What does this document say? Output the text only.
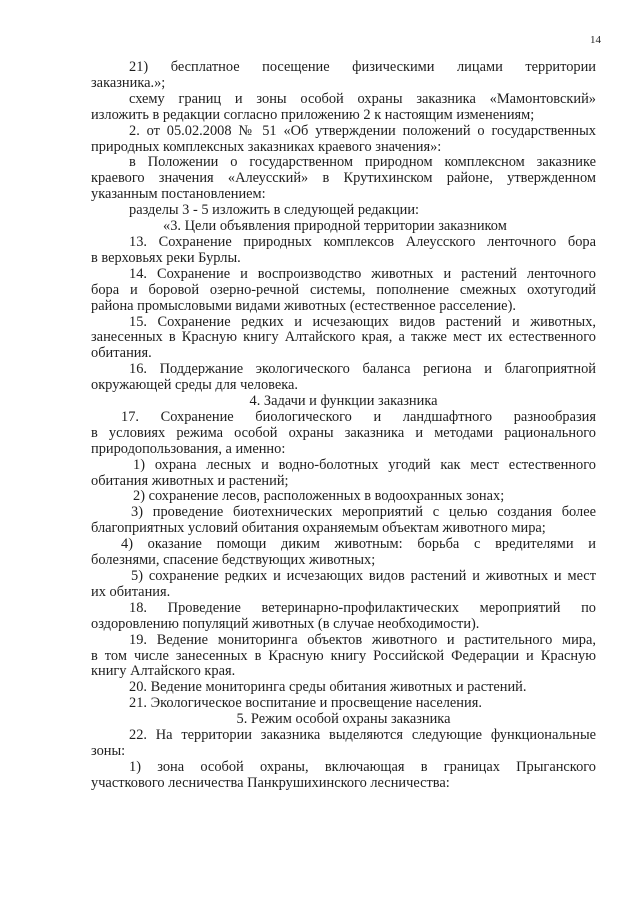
14
21) бесплатное посещение физическими лицами территории
заказника.»;
схему границ и зоны особой охраны заказника «Мамонтовский»
изложить в редакции согласно приложению 2 к настоящим изменениям;
2. от 05.02.2008 № 51 «Об утверждении положений о государственных
природных комплексных заказниках краевого значения»:
в Положении о государственном природном комплексном заказнике
краевого значения «Алеусский» в Крутихинском районе, утвержденном
указанным постановлением:
разделы 3 - 5 изложить в следующей редакции:
«3. Цели объявления природной территории заказником
13. Сохранение природных комплексов Алеусского ленточного бора
в верховьях реки Бурлы.
14. Сохранение и воспроизводство животных и растений ленточного
бора и боровой озерно-речной системы, пополнение смежных охотугодий
района промысловыми видами животных (естественное расселение).
15. Сохранение редких и исчезающих видов растений и животных,
занесенных в Красную книгу Алтайского края, а также мест их естественного
обитания.
16. Поддержание экологического баланса региона и благоприятной
окружающей среды для человека.
4. Задачи и функции заказника
17. Сохранение биологического и ландшафтного разнообразия
в условиях режима особой охраны заказника и методами рационального
природопользования, а именно:
1) охрана лесных и водно-болотных угодий как мест естественного
обитания животных и растений;
2) сохранение лесов, расположенных в водоохранных зонах;
3) проведение биотехнических мероприятий с целью создания более
благоприятных условий обитания охраняемым объектам животного мира;
4) оказание помощи диким животным: борьба с вредителями и
болезнями, спасение бедствующих животных;
5) сохранение редких и исчезающих видов растений и животных и мест
их обитания.
18. Проведение ветеринарно-профилактических мероприятий по
оздоровлению популяций животных (в случае необходимости).
19. Ведение мониторинга объектов животного и растительного мира,
в том числе занесенных в Красную книгу Российской Федерации и Красную
книгу Алтайского края.
20. Ведение мониторинга среды обитания животных и растений.
21. Экологическое воспитание и просвещение населения.
5. Режим особой охраны заказника
22. На территории заказника выделяются следующие функциональные
зоны:
1) зона особой охраны, включающая в границах Прыганского
участкового лесничества Панкрушихинского лесничества:
